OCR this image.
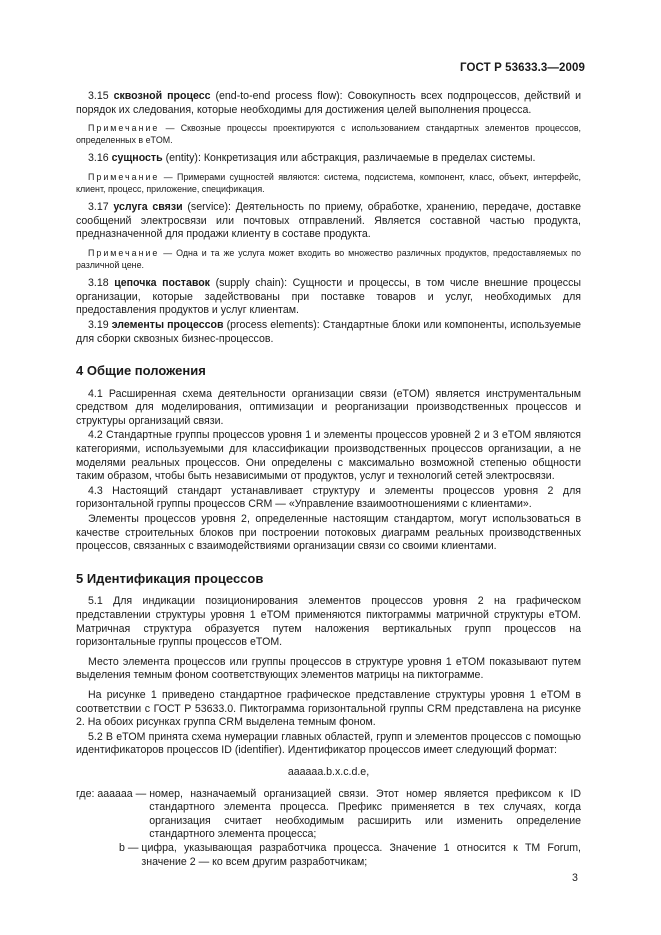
ГОСТ Р 53633.3—2009

3.15 сквозной процесс (end-to-end process flow): Совокупность всех подпроцессов, действий и порядок их следования, которые необходимы для достижения целей выполнения процесса.

Примечание — Сквозные процессы проектируются с использованием стандартных элементов процессов, определенных в eTOM.

3.16 сущность (entity): Конкретизация или абстракция, различаемые в пределах системы.

Примечание — Примерами сущностей являются: система, подсистема, компонент, класс, объект, интерфейс, клиент, процесс, приложение, спецификация.

3.17 услуга связи (service): Деятельность по приему, обработке, хранению, передаче, доставке сообщений электросвязи или почтовых отправлений. Является составной частью продукта, предназначенной для продажи клиенту в составе продукта.

Примечание — Одна и та же услуга может входить во множество различных продуктов, предоставляемых по различной цене.

3.18 цепочка поставок (supply chain): Сущности и процессы, в том числе внешние процессы организации, которые задействованы при поставке товаров и услуг, необходимых для предоставления продуктов и услуг клиентам.

3.19 элементы процессов (process elements): Стандартные блоки или компоненты, используемые для сборки сквозных бизнес-процессов.

4 Общие положения

4.1 Расширенная схема деятельности организации связи (eTOM) является инструментальным средством для моделирования, оптимизации и реорганизации производственных процессов и структуры организаций связи.

4.2 Стандартные группы процессов уровня 1 и элементы процессов уровней 2 и 3 eTOM являются категориями, используемыми для классификации производственных процессов организации, а не моделями реальных процессов. Они определены с максимально возможной степенью общности таким образом, чтобы быть независимыми от продуктов, услуг и технологий сетей электросвязи.

4.3 Настоящий стандарт устанавливает структуру и элементы процессов уровня 2 для горизонтальной группы процессов CRM — «Управление взаимоотношениями с клиентами».

Элементы процессов уровня 2, определенные настоящим стандартом, могут использоваться в качестве строительных блоков при построении потоковых диаграмм реальных производственных процессов, связанных с взаимодействиями организации связи со своими клиентами.

5 Идентификация процессов

5.1 Для индикации позиционирования элементов процессов уровня 2 на графическом представлении структуры уровня 1 eTOM применяются пиктограммы матричной структуры eTOM. Матричная структура образуется путем наложения вертикальных групп процессов на горизонтальные группы процессов eTOM.

Место элемента процессов или группы процессов в структуре уровня 1 eTOM показывают путем выделения темным фоном соответствующих элементов матрицы на пиктограмме.

На рисунке 1 приведено стандартное графическое представление структуры уровня 1 eTOM в соответствии с ГОСТ Р 53633.0. Пиктограмма горизонтальной группы CRM представлена на рисунке 2. На обоих рисунках группа CRM выделена темным фоном.

5.2 В eTOM принята схема нумерации главных областей, групп и элементов процессов с помощью идентификаторов процессов ID (identifier). Идентификатор процессов имеет следующий формат:

aaaaaa.b.x.c.d.e,
где: aaaaaa — номер, назначаемый организацией связи. Этот номер является префиксом к ID стандартного элемента процесса. Префикс применяется в тех случаях, когда организация считает необходимым расширить или изменить определение стандартного элемента процесса;
b — цифра, указывающая разработчика процесса. Значение 1 относится к TM Forum, значение 2 — ко всем другим разработчикам;
3
